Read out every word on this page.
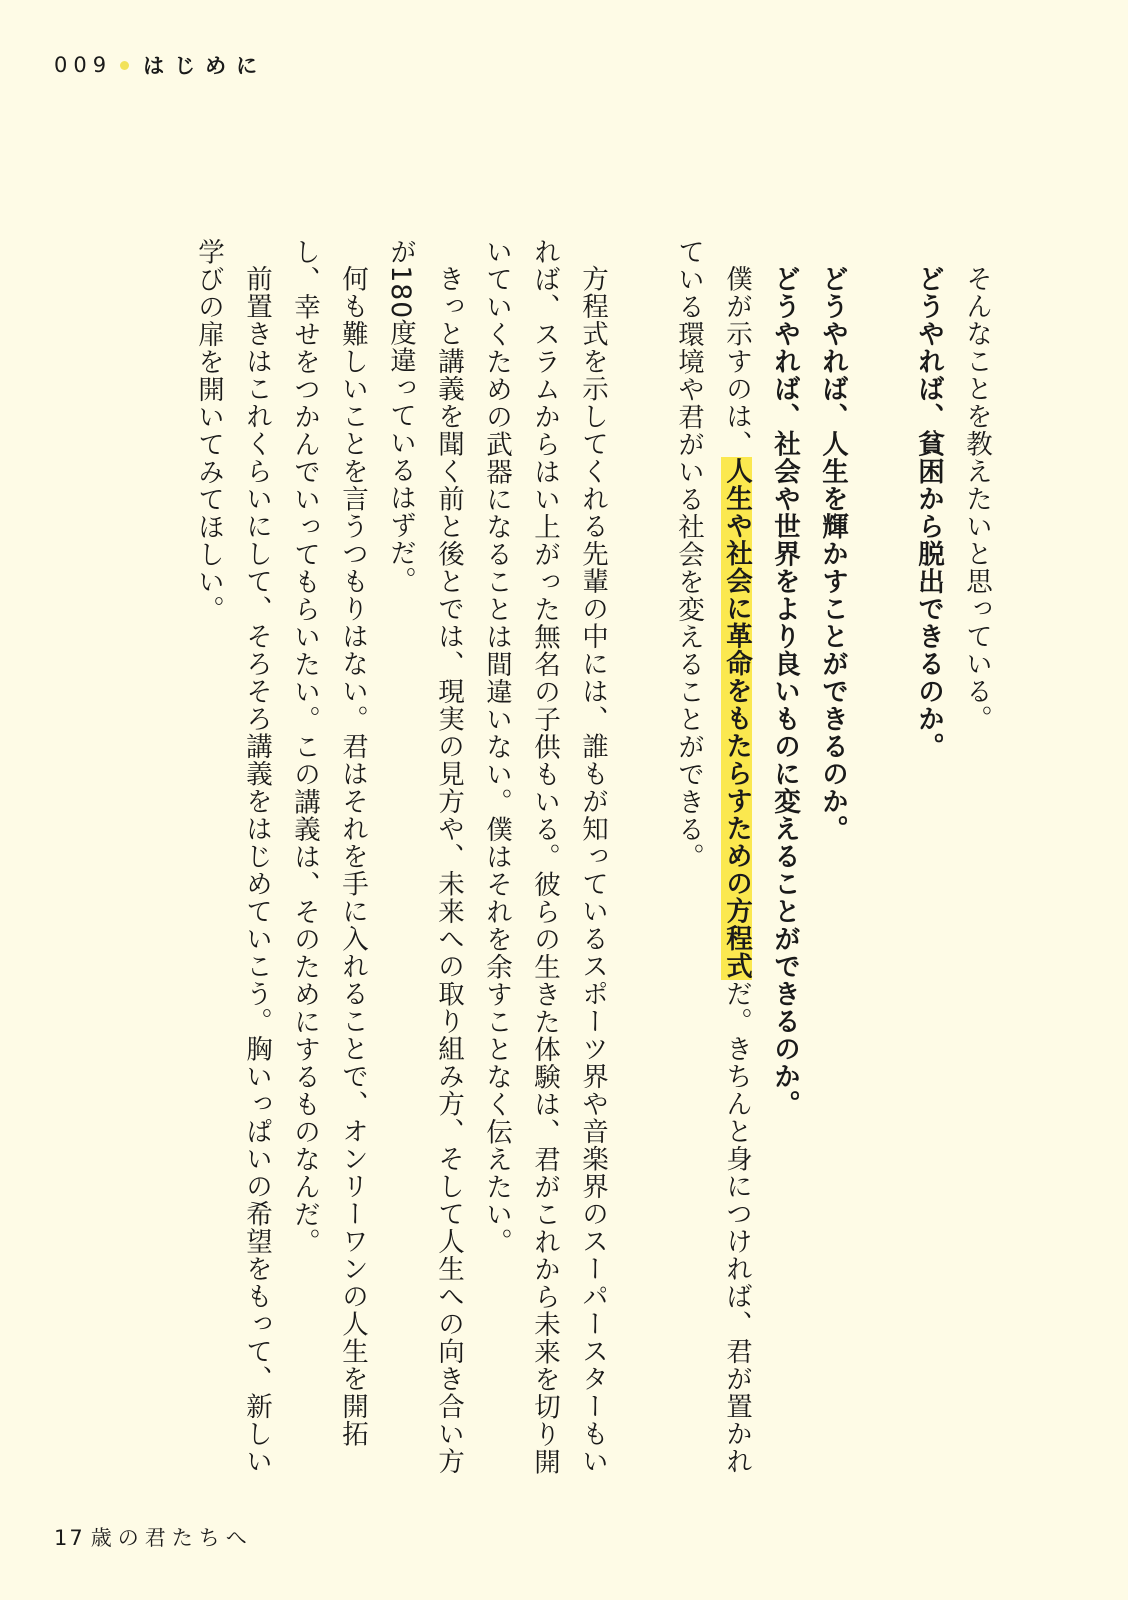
009 はじめに

そんなことを教えたいと思っている。

どうやれば、貧困から脱出できるのか。

どうやれば、人生を輝かすことができるのか。

どうやれば、社会や世界をより良いものに変えることができるのか。

僕が示すのは、人生や社会に革命をもたらすための方程式だ。きちんと身につければ、君が置かれている環境や君がいる社会を変えることができる。

方程式を示してくれる先輩の中には、誰もが知っているスポーツ界や音楽界のスーパースターもいれば、スラムからはい上がった無名の子供もいる。彼らの生きた体験は、君がこれから未来を切り開いていくための武器になることは間違いない。僕はそれを余すことなく伝えたい。

きっと講義を聞く前と後とでは、現実の見方や、未来への取り組み方、そして人生への向き合い方が180度違っているはずだ。

何も難しいことを言うつもりはない。君はそれを手に入れることで、オンリーワンの人生を開拓し、幸せをつかんでいってもらいたい。この講義は、そのためにするものなんだ。

前置きはこれくらいにして、そろそろ講義をはじめていこう。胸いっぱいの希望をもって、新しい学びの扉を開いてみてほしい。

17 歳の君たちへ
